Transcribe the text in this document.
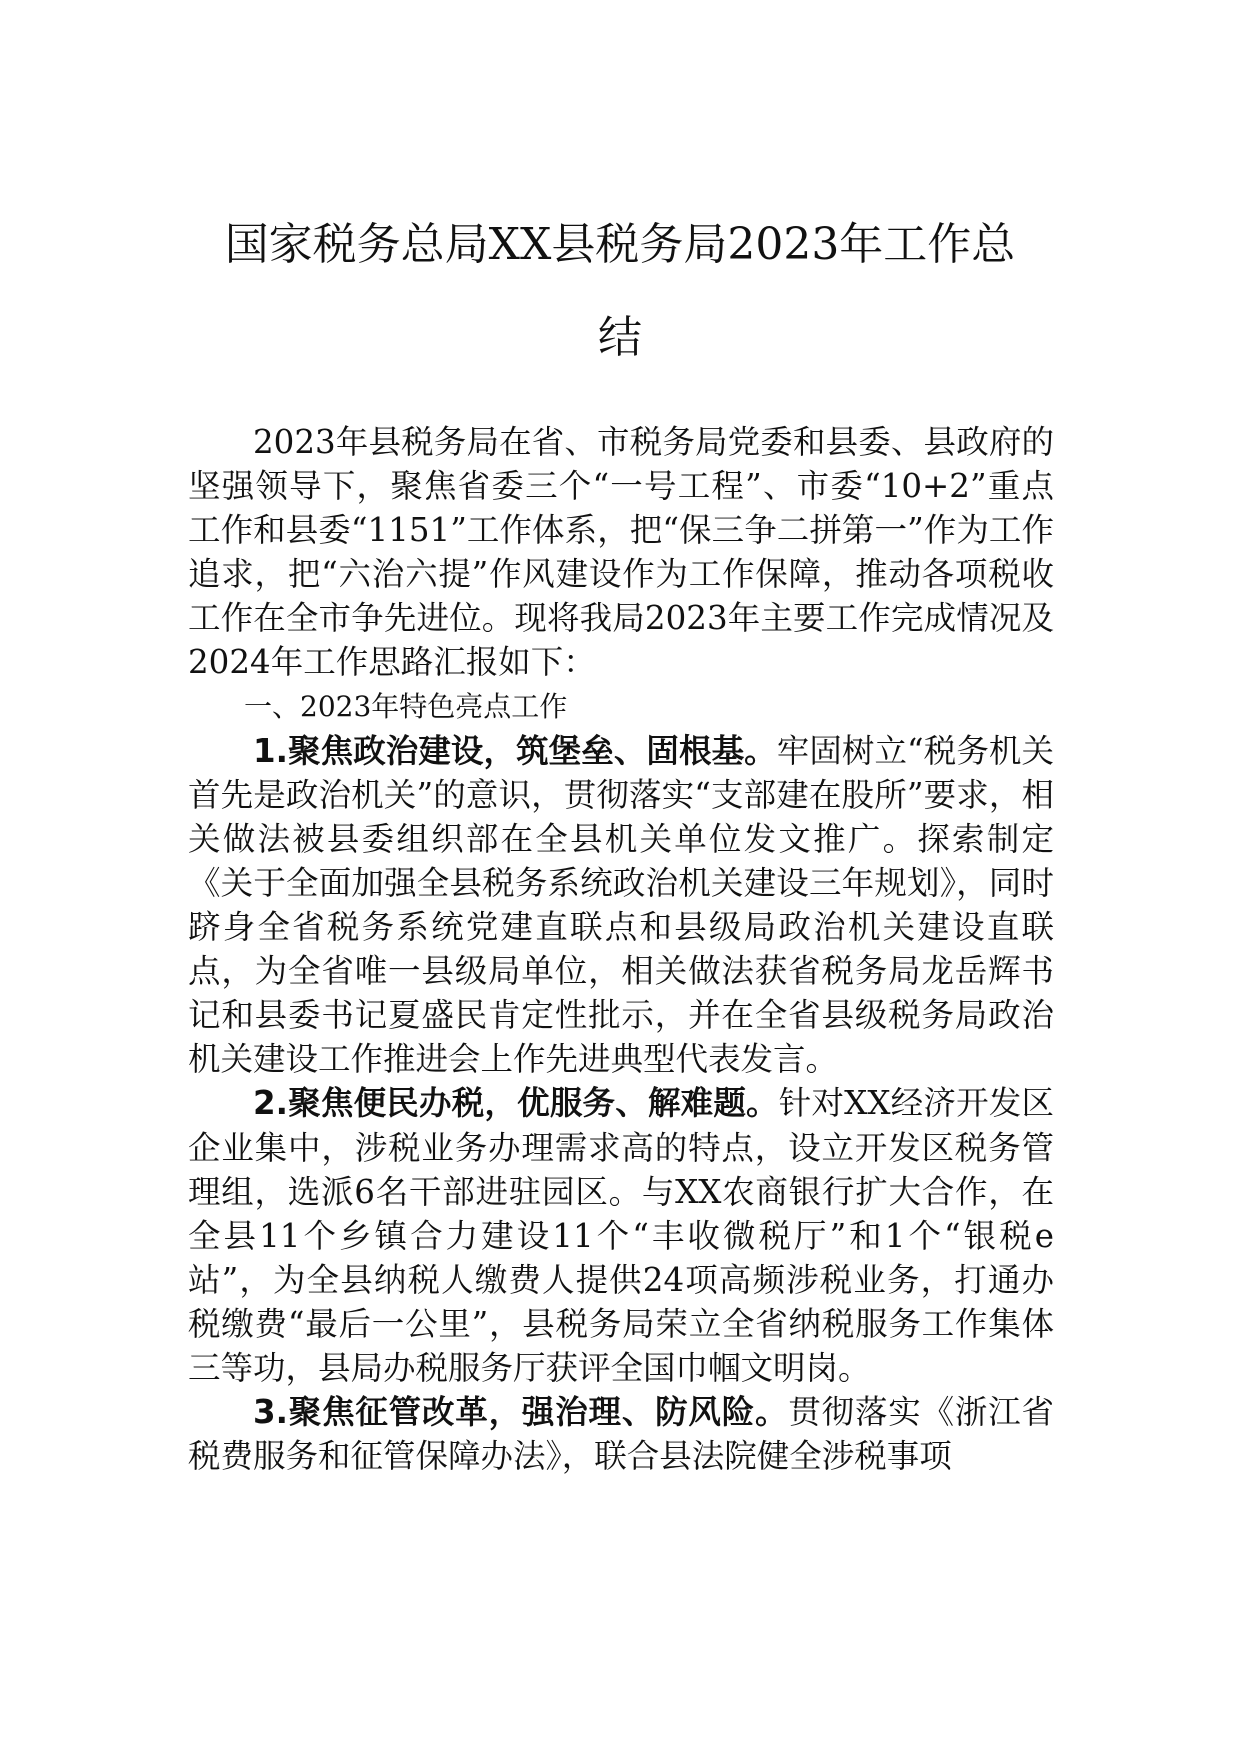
国家税务总局XX县税务局2023年工作总
结

2023年县税务局在省、市税务局党委和县委、县政府的坚强领导下，聚焦省委三个“一号工程”、市委“10+2”重点工作和县委“1151”工作体系，把“保三争二拼第一”作为工作追求，把“六治六提”作风建设作为工作保障，推动各项税收工作在全市争先进位。现将我局2023年主要工作完成情况及2024年工作思路汇报如下：

一、2023年特色亮点工作

1.聚焦政治建设，筑堡垒、固根基。牢固树立“税务机关首先是政治机关”的意识，贯彻落实“支部建在股所”要求，相关做法被县委组织部在全县机关单位发文推广。探索制定《关于全面加强全县税务系统政治机关建设三年规划》，同时跻身全省税务系统党建直联点和县级局政治机关建设直联点，为全省唯一县级局单位，相关做法获省税务局龙岳辉书记和县委书记夏盛民肯定性批示，并在全省县级税务局政治机关建设工作推进会上作先进典型代表发言。

2.聚焦便民办税，优服务、解难题。针对XX经济开发区企业集中，涉税业务办理需求高的特点，设立开发区税务管理组，选派6名干部进驻园区。与XX农商银行扩大合作，在全县11个乡镇合力建设11个“丰收微税厅”和1个“银税e站”，为全县纳税人缴费人提供24项高频涉税业务，打通办税缴费“最后一公里”，县税务局荣立全省纳税服务工作集体三等功，县局办税服务厅获评全国巾帼文明岗。

3.聚焦征管改革，强治理、防风险。贯彻落实《浙江省税费服务和征管保障办法》，联合县法院健全涉税事项
